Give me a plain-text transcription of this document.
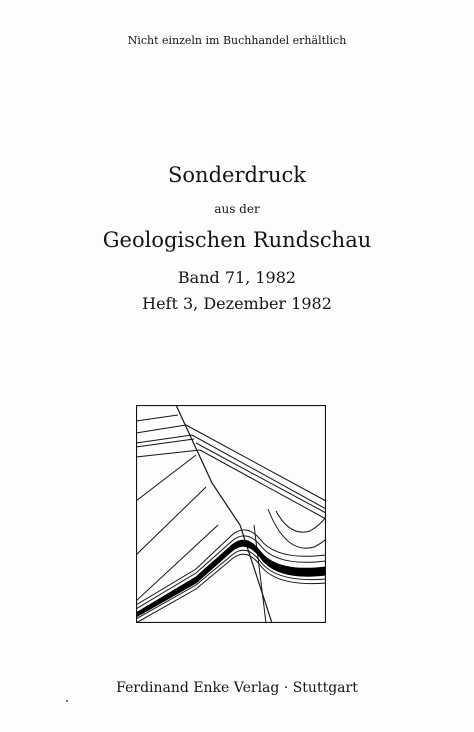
Nicht einzeln im Buchhandel erhältlich
Sonderdruck
aus der
Geologischen Rundschau
Band 71, 1982
Heft 3, Dezember 1982
Ferdinand Enke Verlag · Stuttgart
